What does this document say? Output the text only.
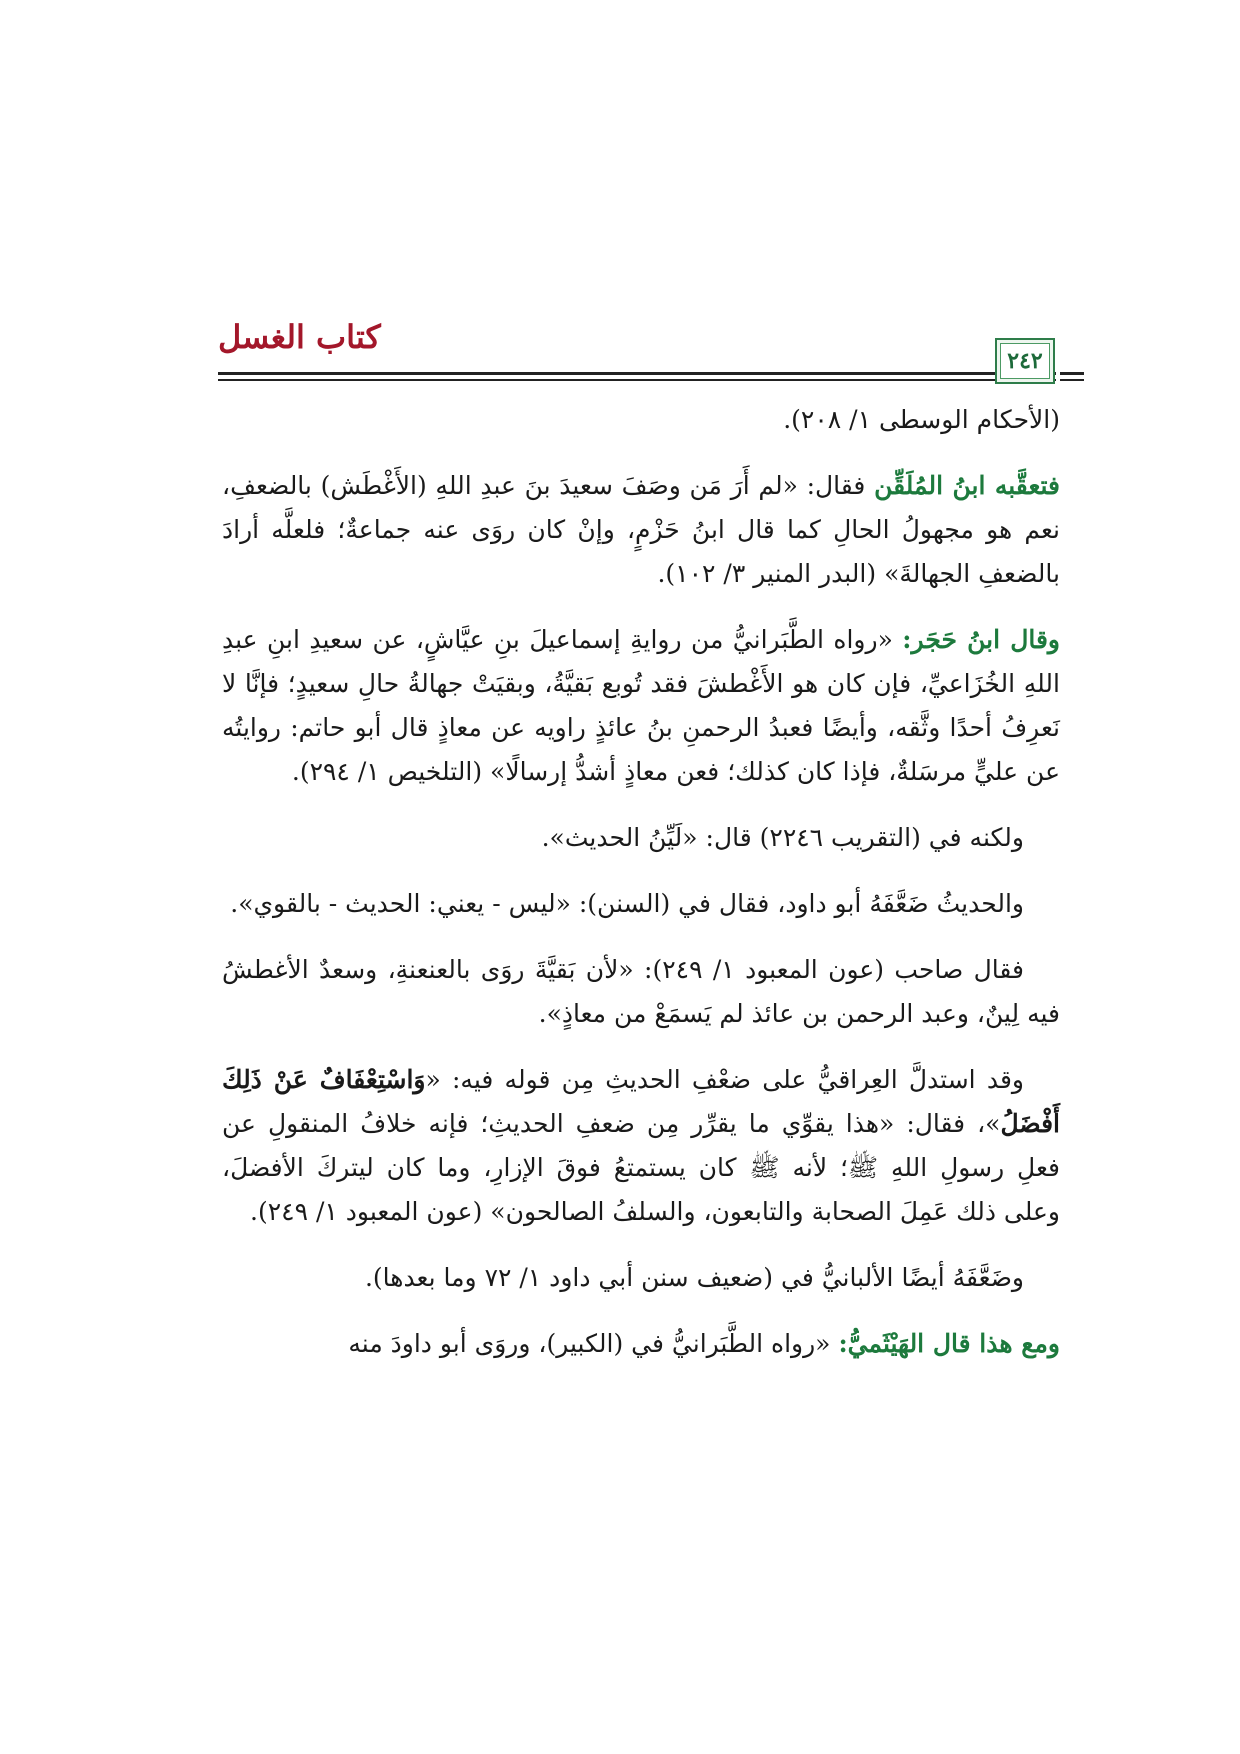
كتاب الغسل
٢٤٢

(الأحكام الوسطى ١/ ٢٠٨).

فتعقَّبه ابنُ المُلَقِّن فقال: «لم أَرَ مَن وصَفَ سعيدَ بنَ عبدِ اللهِ (الأَغْطَش) بالضعفِ، نعم هو مجهولُ الحالِ كما قال ابنُ حَزْمٍ، وإنْ كان روَى عنه جماعةٌ؛ فلعلَّه أرادَ بالضعفِ الجهالةَ» (البدر المنير ٣/ ١٠٢).

وقال ابنُ حَجَر: «رواه الطَّبَرانيُّ من روايةِ إسماعيلَ بنِ عيَّاشٍ، عن سعيدِ ابنِ عبدِ اللهِ الخُزَاعيِّ، فإن كان هو الأَغْطشَ فقد تُوبع بَقيَّةُ، وبقيَتْ جهالةُ حالِ سعيدٍ؛ فإنَّا لا نَعرِفُ أحدًا وثَّقه، وأيضًا فعبدُ الرحمنِ بنُ عائذٍ راويه عن معاذٍ قال أبو حاتم: روايتُه عن عليٍّ مرسَلةٌ، فإذا كان كذلك؛ فعن معاذٍ أشدُّ إرسالًا» (التلخيص ١/ ٢٩٤).

ولكنه في (التقريب ٢٢٤٦) قال: «لَيِّنُ الحديث».

والحديثُ ضَعَّفَهُ أبو داود، فقال في (السنن): «ليس - يعني: الحديث - بالقوي».

فقال صاحب (عون المعبود ١/ ٢٤٩): «لأن بَقيَّةَ روَى بالعنعنةِ، وسعدٌ الأغطشُ فيه لِينٌ، وعبد الرحمن بن عائذ لم يَسمَعْ من معاذٍ».

وقد استدلَّ العِراقيُّ على ضعْفِ الحديثِ مِن قوله فيه: «وَاسْتِعْفَافٌ عَنْ ذَلِكَ أَفْضَلُ»، فقال: «هذا يقوِّي ما يقرِّر مِن ضعفِ الحديثِ؛ فإنه خلافُ المنقولِ عن فعلِ رسولِ اللهِ ﷺ؛ لأنه ﷺ كان يستمتعُ فوقَ الإزارِ، وما كان ليتركَ الأفضلَ، وعلى ذلك عَمِلَ الصحابة والتابعون، والسلفُ الصالحون» (عون المعبود ١/ ٢٤٩).

وضَعَّفَهُ أيضًا الألبانيُّ في (ضعيف سنن أبي داود ١/ ٧٢ وما بعدها).

ومع هذا قال الهَيْثَميُّ: «رواه الطَّبَرانيُّ في (الكبير)، وروَى أبو داودَ منه
